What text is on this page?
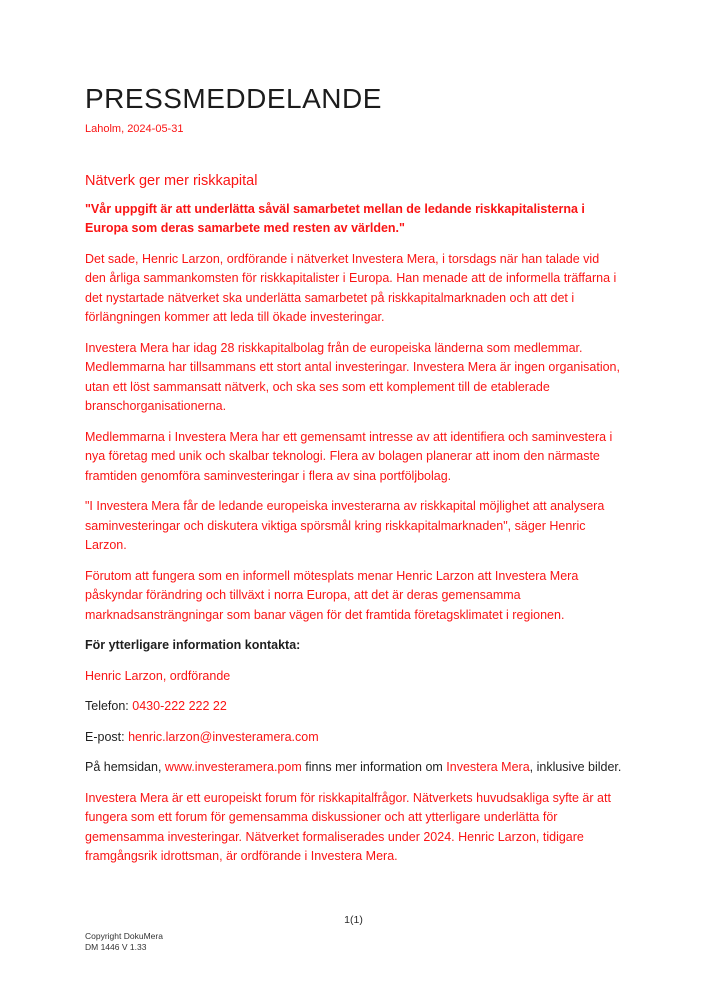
PRESSMEDDELANDE
Laholm, 2024-05-31
Nätverk ger mer riskkapital

"Vår uppgift är att underlätta såväl samarbetet mellan de ledande riskkapitalisterna i Europa som deras samarbete med resten av världen."

Det sade, Henric Larzon, ordförande i nätverket Investera Mera, i torsdags när han talade vid den årliga sammankomsten för riskkapitalister i Europa. Han menade att de informella träffarna i det nystartade nätverket ska underlätta samarbetet på riskkapitalmarknaden och att det i förlängningen kommer att leda till ökade investeringar.

Investera Mera har idag 28 riskkapitalbolag från de europeiska länderna som medlemmar. Medlemmarna har tillsammans ett stort antal investeringar. Investera Mera är ingen organisation, utan ett löst sammansatt nätverk, och ska ses som ett komplement till de etablerade branschorganisationerna.

Medlemmarna i Investera Mera har ett gemensamt intresse av att identifiera och saminvestera i nya företag med unik och skalbar teknologi. Flera av bolagen planerar att inom den närmaste framtiden genomföra saminvesteringar i flera av sina portföljbolag.

"I Investera Mera får de ledande europeiska investerarna av riskkapital möjlighet att analysera saminvesteringar och diskutera viktiga spörsmål kring riskkapitalmarknaden", säger Henric Larzon.

Förutom att fungera som en informell mötesplats menar Henric Larzon att Investera Mera påskyndar förändring och tillväxt i norra Europa, att det är deras gemensamma marknadsansträngningar som banar vägen för det framtida företagsklimatet i regionen.

För ytterligare information kontakta:

Henric Larzon, ordförande

Telefon: 0430-222 222 22

E-post: henric.larzon@investeramera.com

På hemsidan, www.investeramera.pom finns mer information om Investera Mera, inklusive bilder.

Investera Mera är ett europeiskt forum för riskkapitalfrågor. Nätverkets huvudsakliga syfte är att fungera som ett forum för gemensamma diskussioner och att ytterligare underlätta för gemensamma investeringar. Nätverket formaliserades under 2024. Henric Larzon, tidigare framgångsrik idrottsman, är ordförande i Investera Mera.

1(1)
Copyright DokuMera
DM 1446 V 1.33
